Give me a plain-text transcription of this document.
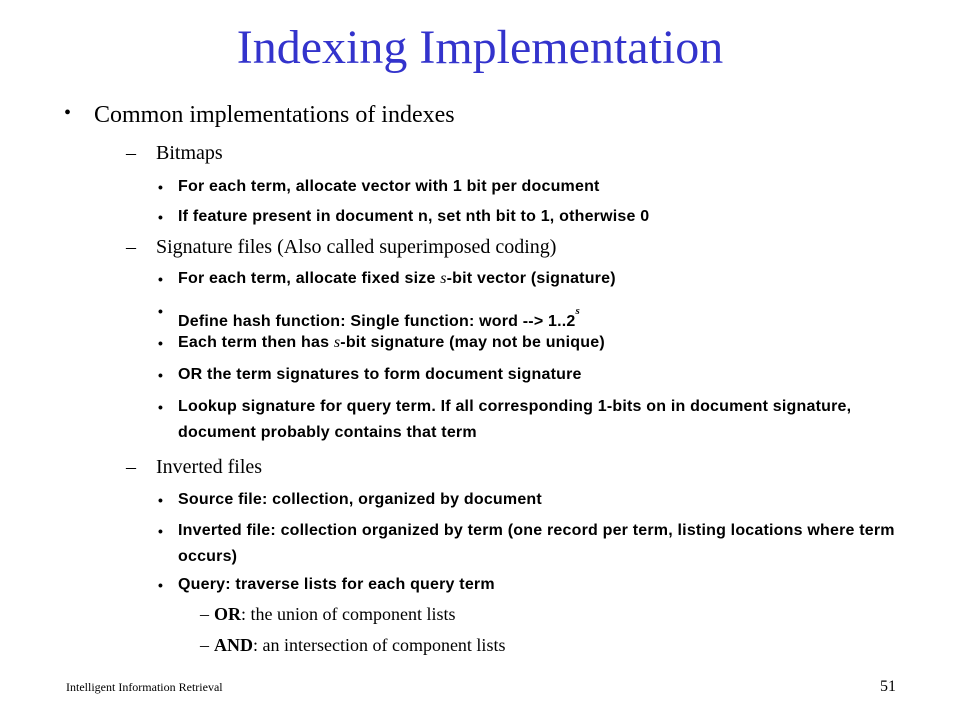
Indexing Implementation
• Common implementations of indexes
– Bitmaps
• For each term, allocate vector with 1 bit per document
• If feature present in document n, set nth bit to 1, otherwise 0
– Signature files (Also called superimposed coding)
• For each term, allocate fixed size s-bit vector (signature)
•
Define hash function: Single function: word --> $1..2^s$
• Each term then has s-bit signature (may not be unique)
• OR the term signatures to form document signature
• Lookup signature for query term. If all corresponding 1-bits on in document signature, document probably contains that term
– Inverted files
• Source file: collection, organized by document
• Inverted file: collection organized by term (one record per term, listing locations where term occurs)
• Query: traverse lists for each query term
– OR: the union of component lists
– AND: an intersection of component lists
Intelligent Information Retrieval	51
